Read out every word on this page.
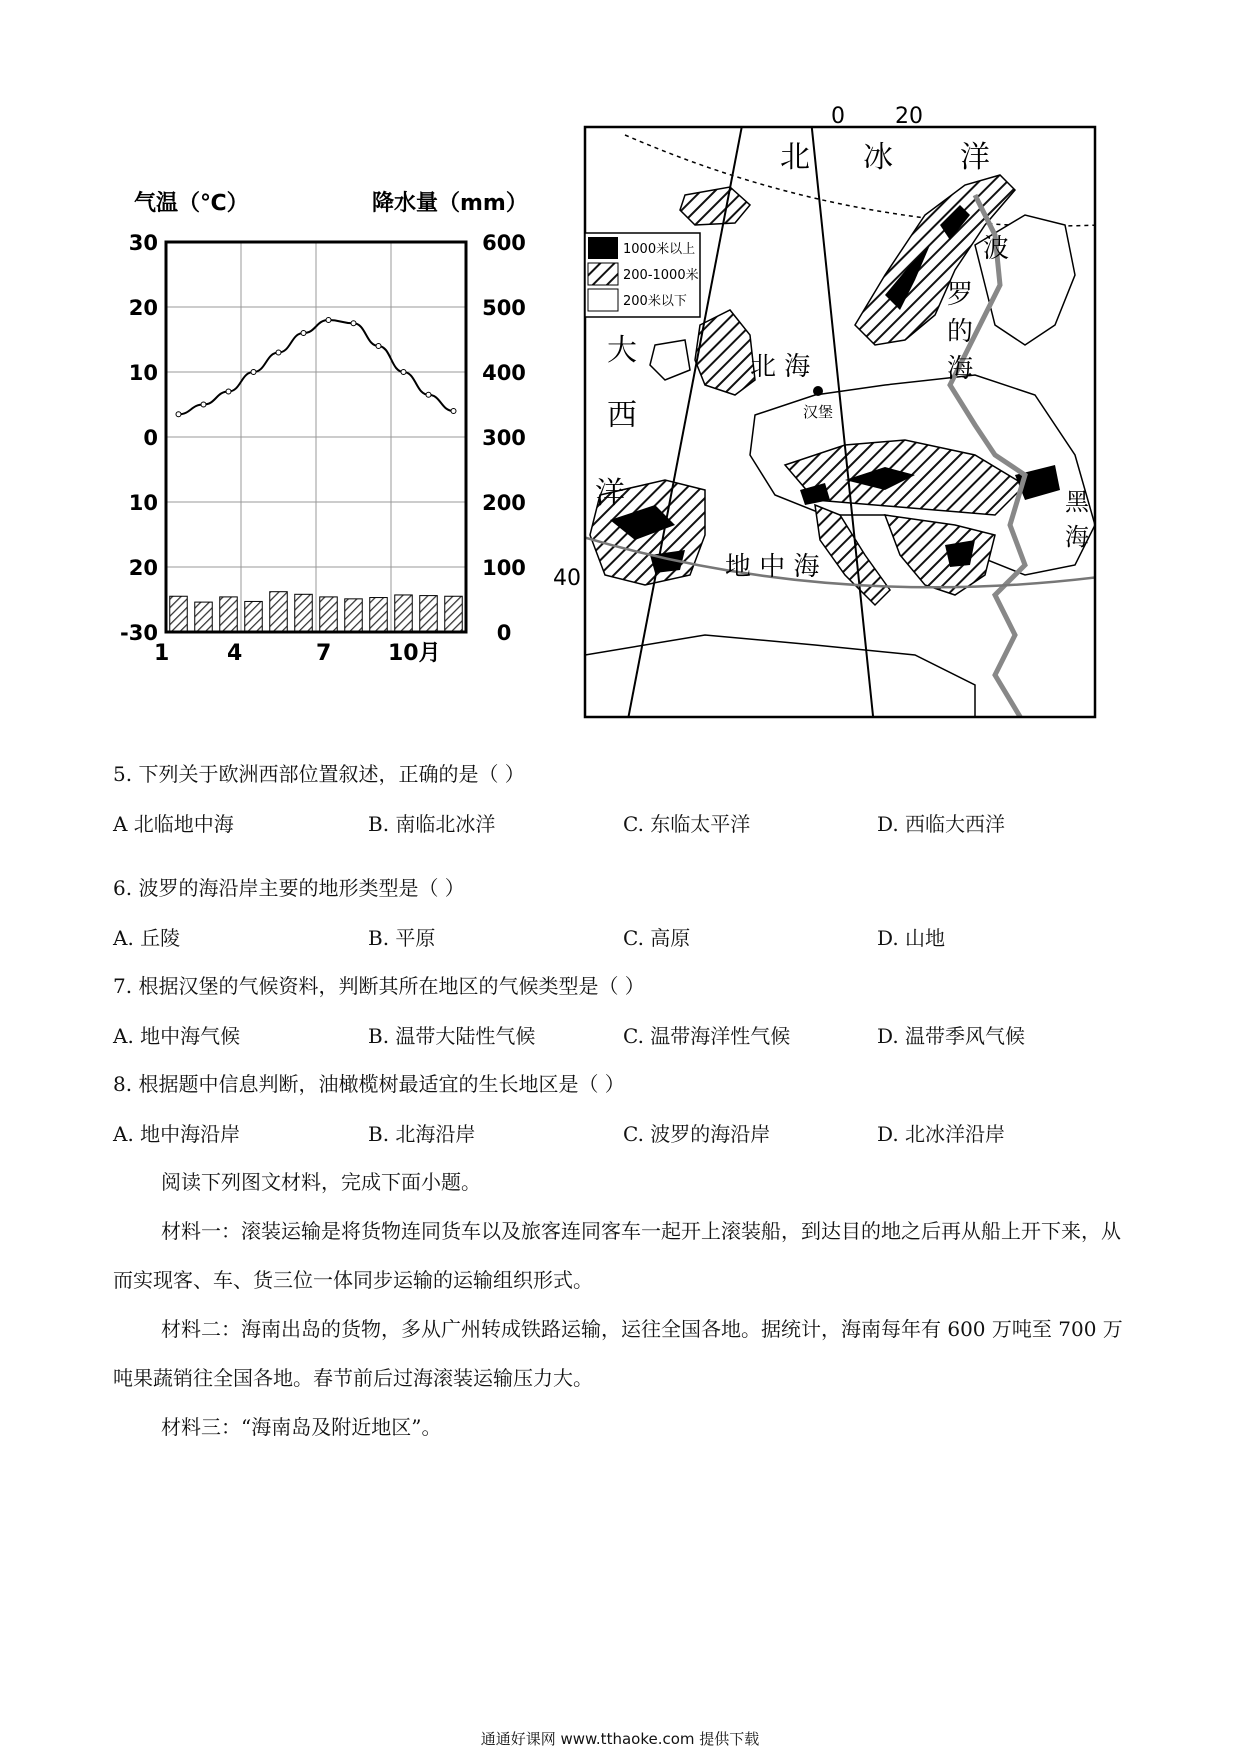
气温（℃）	降水量（mm）
30
20
10
0
10
20
-30
600
500
400
300
200
100
0
1	4	7	10月
0 20
40
1000米以上
200-1000米
200米以下
北 冰 洋
波
罗
的
海
大
西
洋
北 海
汉堡
黑
海
地 中 海
5. 下列关于欧洲西部位置叙述，正确的是（ ）
A 北临地中海	B. 南临北冰洋	C. 东临太平洋	D. 西临大西洋
6. 波罗的海沿岸主要的地形类型是（ ）
A. 丘陵	B. 平原	C. 高原	D. 山地
7. 根据汉堡的气候资料，判断其所在地区的气候类型是（ ）
A. 地中海气候	B. 温带大陆性气候	C. 温带海洋性气候	D. 温带季风气候
8. 根据题中信息判断，油橄榄树最适宜的生长地区是（ ）
A. 地中海沿岸	B. 北海沿岸	C. 波罗的海沿岸	D. 北冰洋沿岸
阅读下列图文材料，完成下面小题。
材料一：滚装运输是将货物连同货车以及旅客连同客车一起开上滚装船，到达目的地之后再从船上开下来，从而实现客、车、货三位一体同步运输的运输组织形式。
材料二：海南出岛的货物，多从广州转成铁路运输，运往全国各地。据统计，海南每年有 600 万吨至 700 万吨果蔬销往全国各地。春节前后过海滚装运输压力大。
材料三：“海南岛及附近地区”。
通通好课网 www.tthaoke.com 提供下载
